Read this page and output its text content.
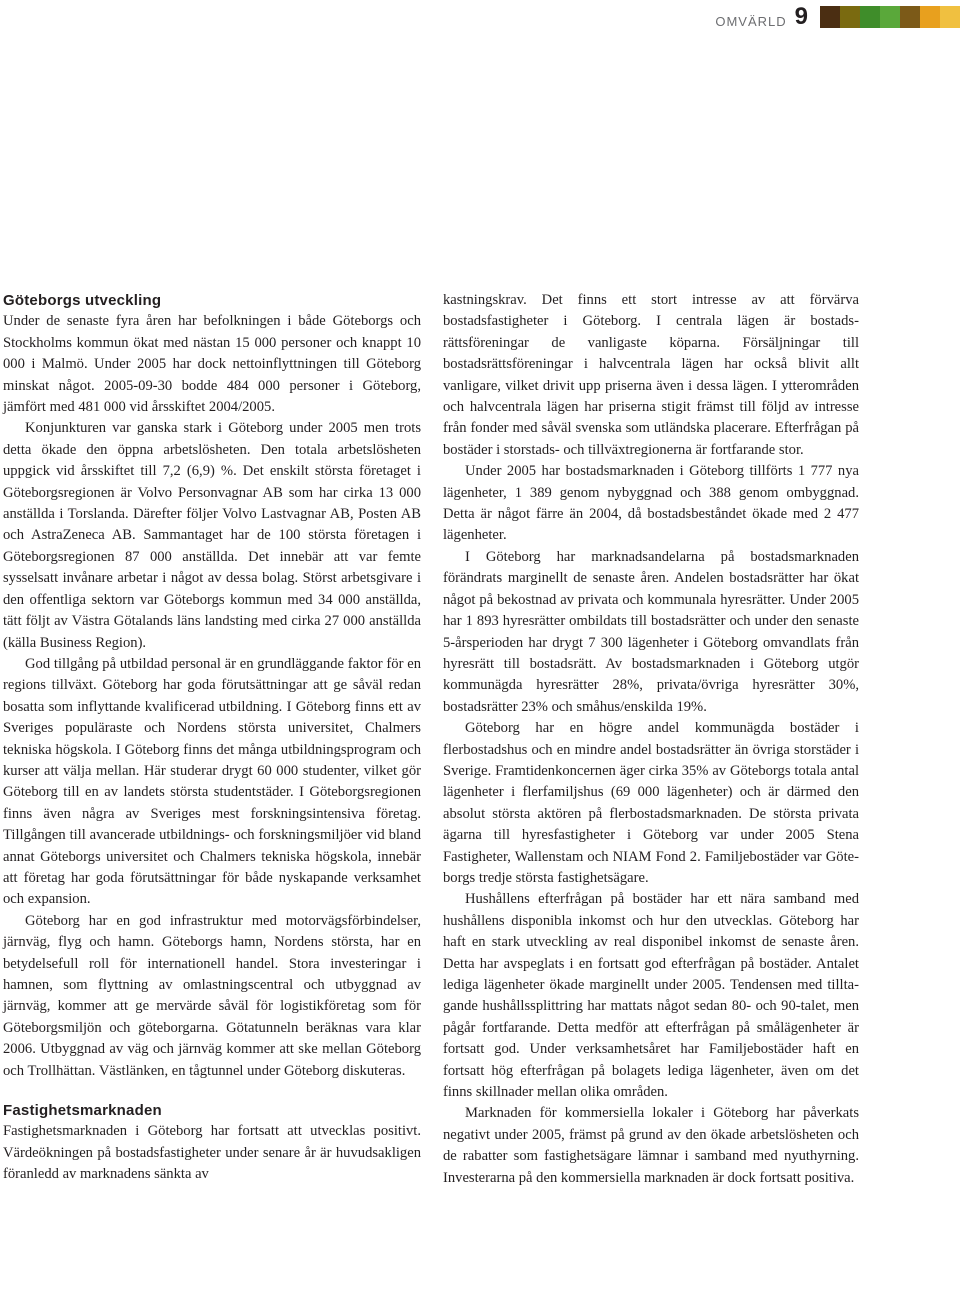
OMVÄRLD 9
Göteborgs utveckling

Under de senaste fyra åren har befolkningen i både Göteborgs och Stockholms kommun ökat med nästan 15 000 personer och knappt 10 000 i Malmö. Under 2005 har dock nettoinflyttningen till Göteborg minskat något. 2005-09-30 bodde 484 000 personer i Göteborg, jämfört med 481 000 vid årsskiftet 2004/2005.

Konjunkturen var ganska stark i Göteborg under 2005 men trots detta ökade den öppna arbetslösheten. Den totala arbetslösheten uppgick vid årsskiftet till 7,2 (6,9) %. Det enskilt största företaget i Göteborgsregionen är Volvo Personvagnar AB som har cirka 13 000 anställda i Torslanda. Därefter följer Volvo Lastvagnar AB, Posten AB och AstraZeneca AB. Sammantaget har de 100 största företagen i Göteborgsregionen 87 000 anställda. Det innebär att var femte sysselsatt invånare arbetar i något av dessa bolag. Störst arbetsgivare i den offentliga sektorn var Göteborgs kommun med 34 000 anställda, tätt följt av Västra Götalands läns landsting med cirka 27 000 anställda (källa Business Region).

God tillgång på utbildad personal är en grundläggande faktor för en regions tillväxt. Göteborg har goda förutsättningar att ge såväl redan bosatta som inflyttande kvalificerad utbildning. I Göteborg finns ett av Sveriges populäraste och Nordens största universitet, Chalmers tekniska högskola. I Göteborg finns det många utbildningsprogram och kurser att välja mellan. Här studerar drygt 60 000 studenter, vilket gör Göteborg till en av landets största studentstäder. I Göteborgsregionen finns även några av Sveriges mest forskningsintensiva företag. Tillgången till avancerade utbildnings- och forskningsmiljöer vid bland annat Göteborgs universitet och Chalmers tekniska högskola, innebär att företag har goda förutsättningar för både nyskapande verksamhet och expansion.

Göteborg har en god infrastruktur med motorvägsförbindelser, järnväg, flyg och hamn. Göteborgs hamn, Nordens största, har en betydelsefull roll för internationell handel. Stora investeringar i hamnen, som flyttning av omlastningscentral och utbyggnad av järnväg, kommer att ge mervärde såväl för logistikföretag som för Göteborgsmiljön och göteborgarna. Götatunneln beräknas vara klar 2006. Utbyggnad av väg och järnväg kommer att ske mellan Göteborg och Trollhättan. Västlänken, en tågtunnel under Göteborg diskuteras.

Fastighetsmarknaden

Fastighetsmarknaden i Göteborg har fortsatt att utvecklas positivt. Värdeökningen på bostadsfastigheter under senare år är huvudsakligen föranledd av marknadens sänkta av

kastningskrav. Det finns ett stort intresse av att förvärva bostadsfastigheter i Göteborg. I centrala lägen är bostadsrättsföreningar de vanligaste köparna. Försäljningar till bostadsrättsföreningar i halvcentrala lägen har också blivit allt vanligare, vilket drivit upp priserna även i dessa lägen. I ytterområden och halvcentrala lägen har priserna stigit främst till följd av intresse från fonder med såväl svenska som utländska placerare. Efterfrågan på bostäder i storstads- och tillväxtregionerna är fortfarande stor.

Under 2005 har bostadsmarknaden i Göteborg tillförts 1 777 nya lägenheter, 1 389 genom nybyggnad och 388 genom ombyggnad. Detta är något färre än 2004, då bostadsbeståndet ökade med 2 477 lägenheter.

I Göteborg har marknadsandelarna på bostadsmarknaden förändrats marginellt de senaste åren. Andelen bostadsrätter har ökat något på bekostnad av privata och kommunala hyresrätter. Under 2005 har 1 893 hyresrätter ombildats till bostadsrätter och under den senaste 5-årsperioden har drygt 7 300 lägenheter i Göteborg omvandlats från hyresrätt till bostadsrätt. Av bostadsmarknaden i Göteborg utgör kommunägda hyresrätter 28%, privata/övriga hyresrätter 30%, bostadsrätter 23% och småhus/enskilda 19%.

Göteborg har en högre andel kommunägda bostäder i flerbostadshus och en mindre andel bostadsrätter än övriga storstäder i Sverige. Framtidenkoncernen äger cirka 35% av Göteborgs totala antal lägenheter i flerfamiljshus (69 000 lägenheter) och är därmed den absolut största aktören på flerbostadsmarknaden. De största privata ägarna till hyresfastigheter i Göteborg var under 2005 Stena Fastigheter, Wallenstam och NIAM Fond 2. Familjebostäder var Göteborgs tredje största fastighetsägare.

Hushållens efterfrågan på bostäder har ett nära samband med hushållens disponibla inkomst och hur den utvecklas. Göteborg har haft en stark utveckling av real disponibel inkomst de senaste åren. Detta har avspeglats i en fortsatt god efterfrågan på bostäder. Antalet lediga lägenheter ökade marginellt under 2005. Tendensen med tilltagande hushållssplittring har mattats något sedan 80- och 90-talet, men pågår fortfarande. Detta medför att efterfrågan på smålägenheter är fortsatt god. Under verksamhetsåret har Familjebostäder haft en fortsatt hög efterfrågan på bolagets lediga lägenheter, även om det finns skillnader mellan olika områden.

Marknaden för kommersiella lokaler i Göteborg har påverkats negativt under 2005, främst på grund av den ökade arbetslösheten och de rabatter som fastighetsägare lämnar i samband med nyuthyrning. Investerarna på den kommersiella marknaden är dock fortsatt positiva.
